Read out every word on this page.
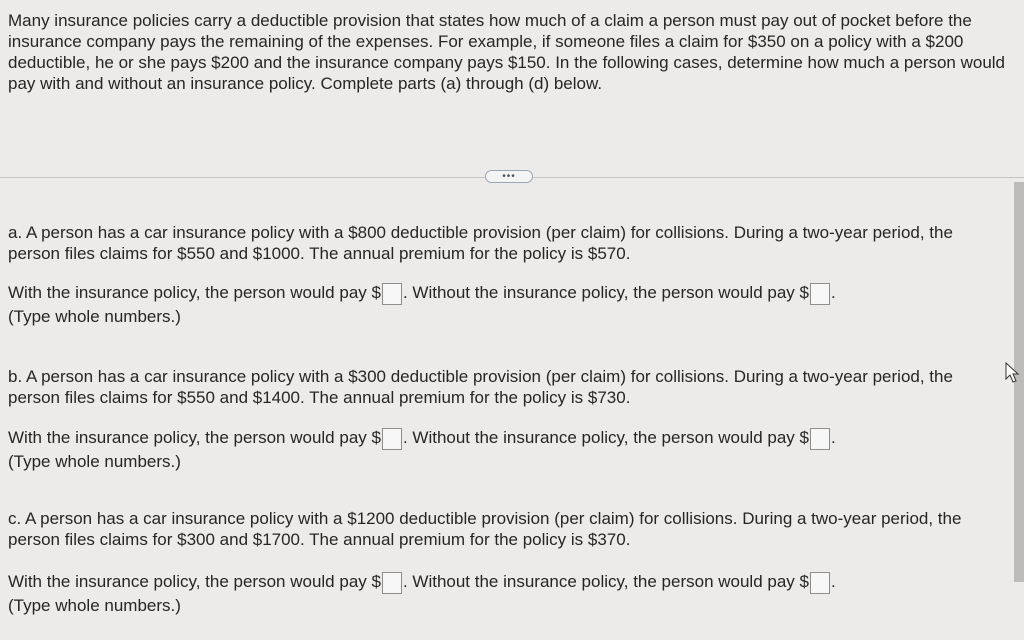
Many insurance policies carry a deductible provision that states how much of a claim a person must pay out of pocket before the insurance company pays the remaining of the expenses. For example, if someone files a claim for $350 on a policy with a $200 deductible, he or she pays $200 and the insurance company pays $150. In the following cases, determine how much a person would pay with and without an insurance policy. Complete parts (a) through (d) below.
•••
a. A person has a car insurance policy with a $800 deductible provision (per claim) for collisions. During a two-year period, the person files claims for $550 and $1000. The annual premium for the policy is $570.
With the insurance policy, the person would pay $ . Without the insurance policy, the person would pay $ .
(Type whole numbers.)
b. A person has a car insurance policy with a $300 deductible provision (per claim) for collisions. During a two-year period, the person files claims for $550 and $1400. The annual premium for the policy is $730.
With the insurance policy, the person would pay $ . Without the insurance policy, the person would pay $ .
(Type whole numbers.)
c. A person has a car insurance policy with a $1200 deductible provision (per claim) for collisions. During a two-year period, the person files claims for $300 and $1700. The annual premium for the policy is $370.
With the insurance policy, the person would pay $ . Without the insurance policy, the person would pay $ .
(Type whole numbers.)
